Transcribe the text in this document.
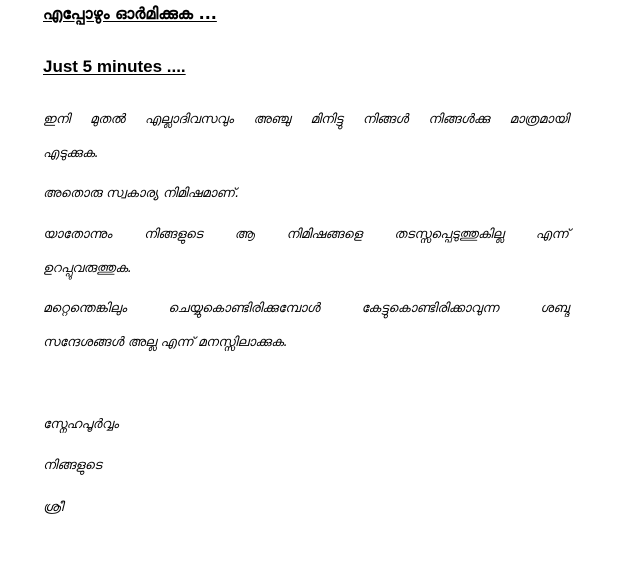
എപ്പോഴും ഓർമിക്കുക ...
Just 5 minutes ....
ഇനി മുതൽ എല്ലാദിവസവും അഞ്ചു മിനിട്ടു നിങ്ങൾ നിങ്ങൾക്കു മാത്രമായി
എടുക്കുക.
അതൊരു സ്വകാര്യ നിമിഷമാണ്.
യാതോന്നും നിങ്ങളുടെ ആ നിമിഷങ്ങളെ തടസ്സപ്പെടുത്തുകില്ല എന്ന്
ഉറപ്പുവരുത്തുക.
മറ്റെന്തെങ്കിലും	ചെയ്യുകൊണ്ടിരിക്കുമ്പോൾ	കേട്ടുകൊണ്ടിരിക്കാവുന്ന	ശബ്ദ
സന്ദേശങ്ങൾ അല്ല എന്ന് മനസ്സിലാക്കുക.
സ്നേഹപൂർവ്വം
നിങ്ങളുടെ
ശ്രീ
